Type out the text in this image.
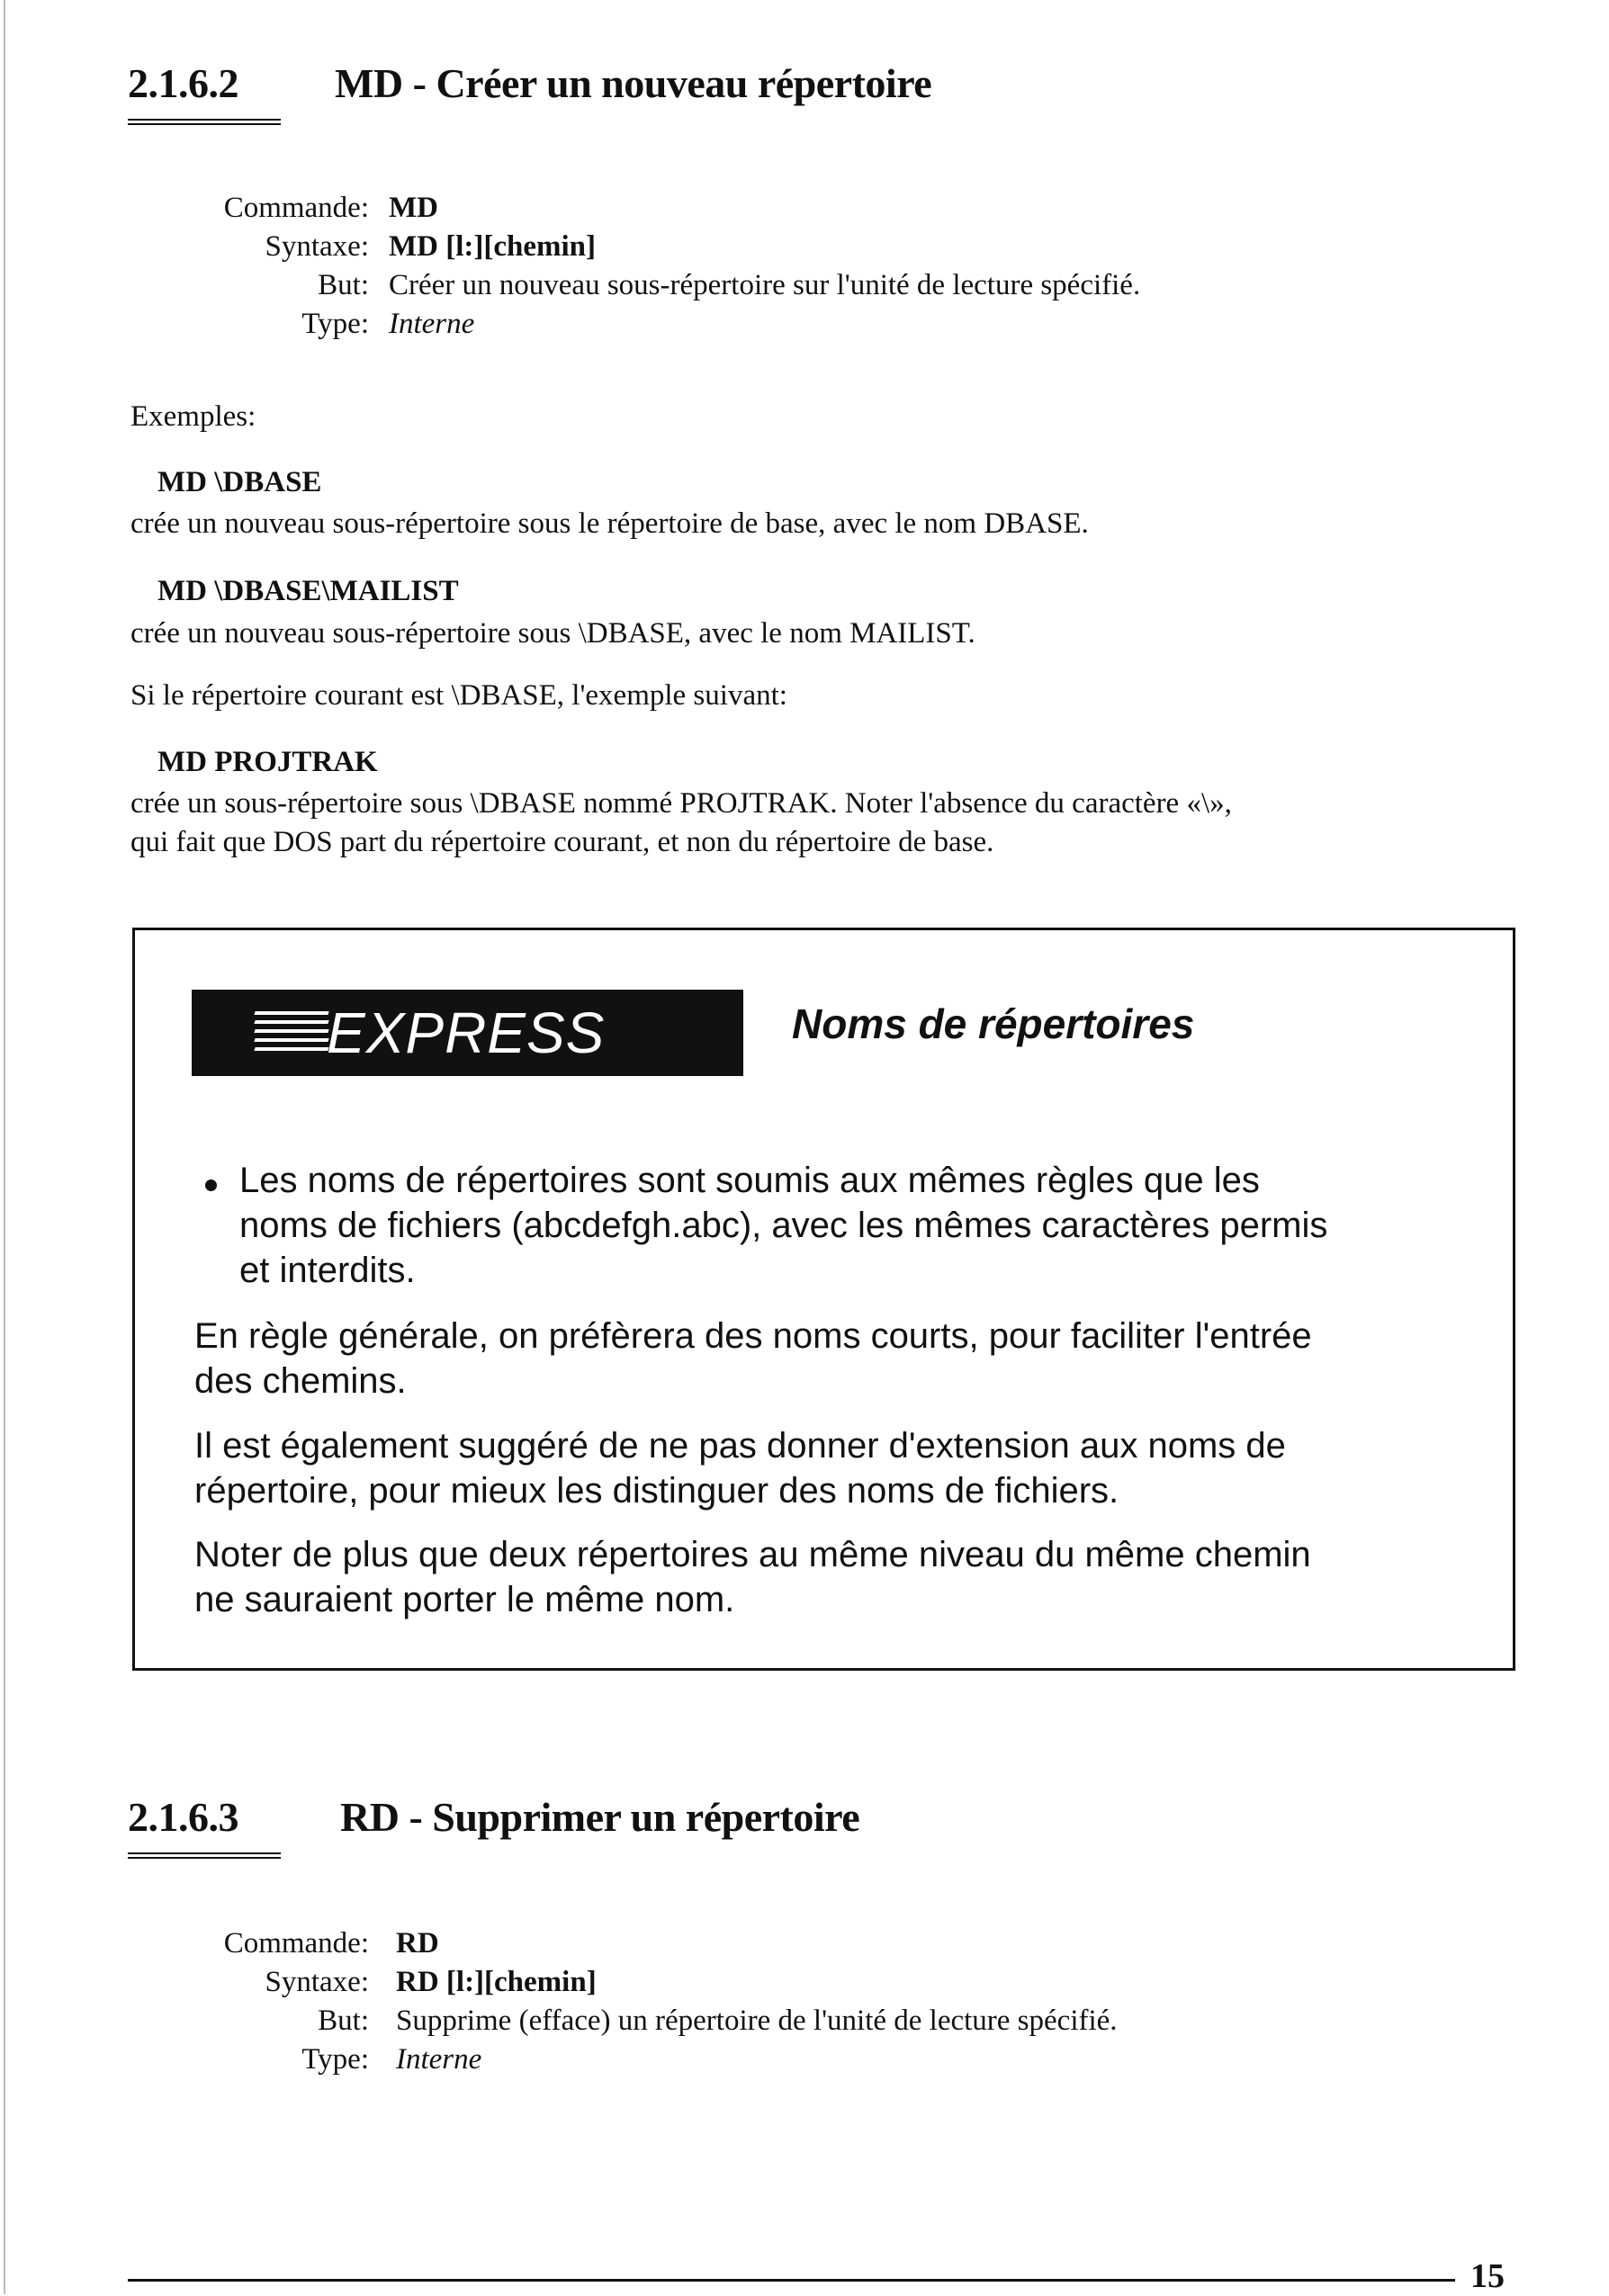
2.1.6.2 MD - Créer un nouveau répertoire
Commande: MD
Syntaxe: MD [l:][chemin]
But: Créer un nouveau sous-répertoire sur l'unité de lecture spécifié.
Type: Interne
Exemples:
MD \DBASE
crée un nouveau sous-répertoire sous le répertoire de base, avec le nom DBASE.
MD \DBASE\MAILIST
crée un nouveau sous-répertoire sous \DBASE, avec le nom MAILIST.
Si le répertoire courant est \DBASE, l'exemple suivant:
MD PROJTRAK
crée un sous-répertoire sous \DBASE nommé PROJTRAK. Noter l'absence du caractère «\»,
qui fait que DOS part du répertoire courant, et non du répertoire de base.
EXPRESS	Noms de répertoires
Les noms de répertoires sont soumis aux mêmes règles que les
noms de fichiers (abcdefgh.abc), avec les mêmes caractères permis
et interdits.
En règle générale, on préfèrera des noms courts, pour faciliter l'entrée
des chemins.
Il est également suggéré de ne pas donner d'extension aux noms de
répertoire, pour mieux les distinguer des noms de fichiers.
Noter de plus que deux répertoires au même niveau du même chemin
ne sauraient porter le même nom.
2.1.6.3 RD - Supprimer un répertoire
Commande: RD
Syntaxe: RD [l:][chemin]
But: Supprime (efface) un répertoire de l'unité de lecture spécifié.
Type: Interne
15
